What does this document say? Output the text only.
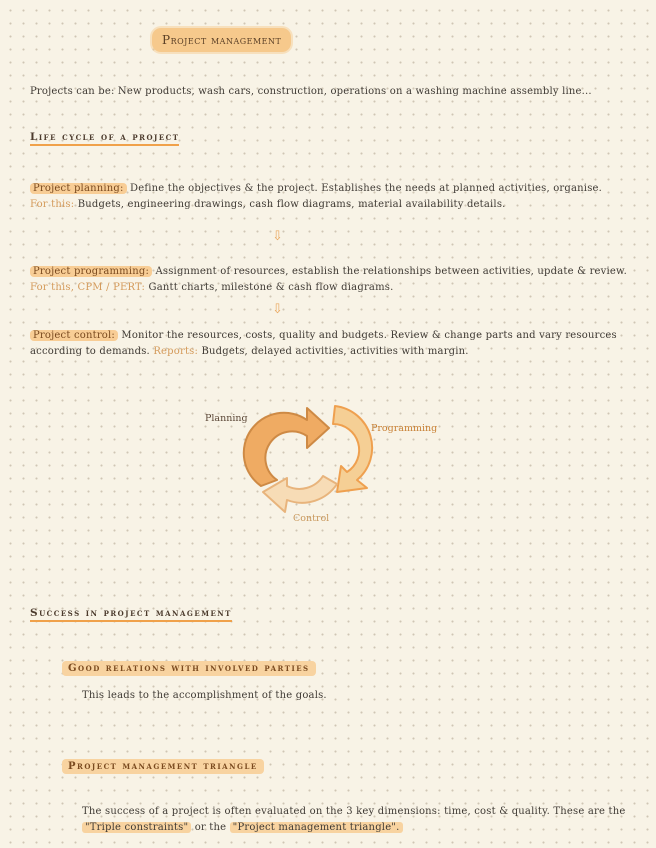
Project management
Projects can be: New products, wash cars, construction, operations on a washing machine assembly line...
Life cycle of a project
Project planning: Define the objectives & the project. Establishes the needs at planned activities, organise. For this: Budgets, engineering drawings, cash flow diagrams, material availability details.
⇩
Project programming: Assignment of resources, establish the relationships between activities, update & review. For this, CPM / PERT: Gantt charts, milestone & cash flow diagrams.
⇩
Project control: Monitor the resources, costs, quality and budgets. Review & change parts and vary resources according to demands. Reports: Budgets, delayed activities, activities with margin.
Planning
Programming
Control
Success in project management
Good relations with involved parties
This leads to the accomplishment of the goals.
Project management triangle
The success of a project is often evaluated on the 3 key dimensions: time, cost & quality. These are the "Triple constraints" or the "Project management triangle".
